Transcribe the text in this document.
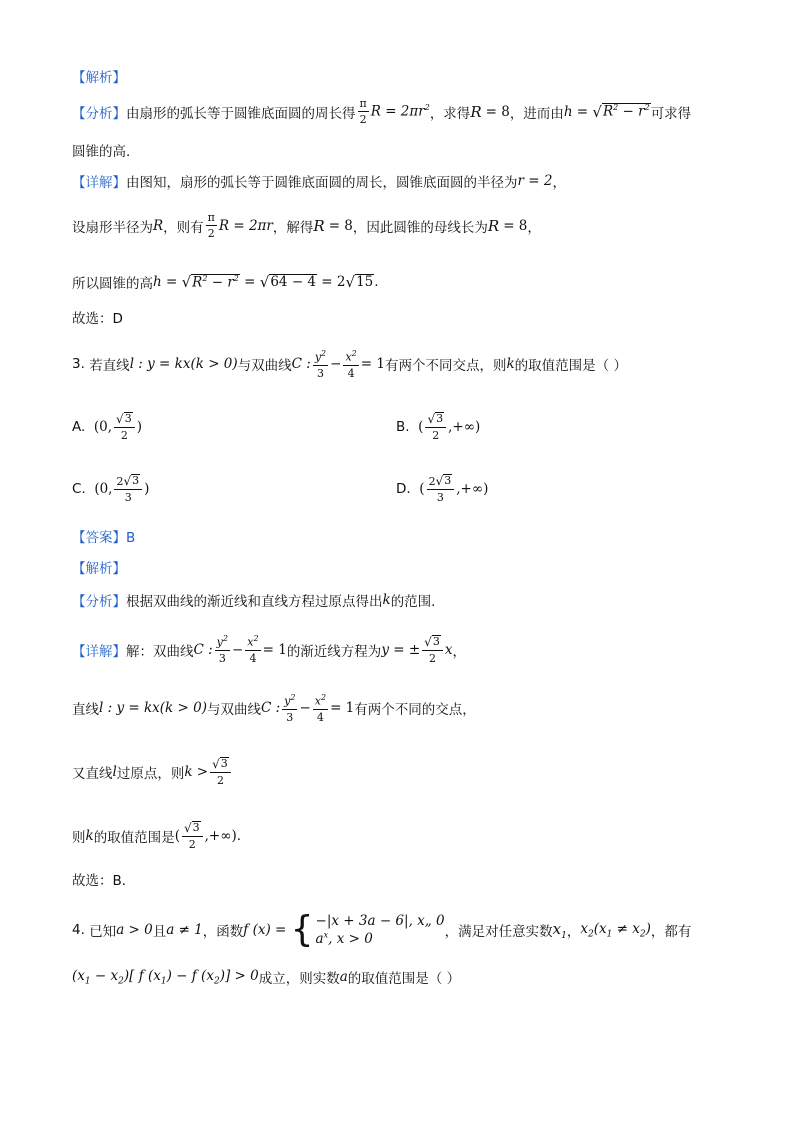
【解析】
【分析】 由扇形的弧长等于圆锥底面圆的周长得 $\frac{\pi}{2}$ $R = 2\pi r^2$ ，求得 R = 8 ，进而由 h = √ $R^2 - r^2$ 可求得
圆锥的高.
【详解】 由图知，扇形的弧长等于圆锥底面圆的周长，圆锥底面圆的半径为 r = 2 ，
设扇形半径为 R ，则有 $\frac{\pi}{2}$ R = 2πr ，解得 R = 8 ，因此圆锥的母线长为 R = 8 ，
所以圆锥的高 h = √ $R^2 - r^2$ = √ 64 − 4 = 2 √ 15 .
故选：D
3.
若直线 l : y = kx(k > 0) 与双曲线 C : $\frac{y^2}{3} - \frac{x^2}{4} = 1$ 有两个不同交点，则 k 的取值范围是（ ）
A.
(0, $\frac{√ 3}{2}$ )	B.
( $\frac{√ 3}{2}$ ,+∞)
C.
(0, $\frac{2 √ 3}{3}$ )	D.
( $\frac{2 √ 3}{3}$ ,+∞)
【答案】B
【解析】
【分析】 根据双曲线的渐近线和直线方程过原点得出 k 的范围.
【详解】 解：双曲线 C : $\frac{y^2}{3} - \frac{x^2}{4} = 1$ 的渐近线方程为 y = ± $\frac{√ 3}{2}$ x ，
直线 l : y = kx(k > 0) 与双曲线 C : $\frac{y^2}{3} - \frac{x^2}{4} = 1$ 有两个不同的交点，
又直线 l 过原点，则 $k > \frac{√ 3}{2}$
则 k 的取值范围是 ( $\frac{√ 3}{2}$ ,+∞) .
故选：B．
4.
已知 a > 0 且 a ≠ 1 ，函数 f (x) = { −|x + 3a − 6|, x„ 0
$a^x$, x > 0	，满足对任意实数 $x_1$ ， $x_2(x_1 \ne x_2)$ ，都有
$(x_1 - x_2)$[ f $(x_1) - f$ $(x_2)] > 0$ 成立，则实数 a 的取值范围是（ ）
